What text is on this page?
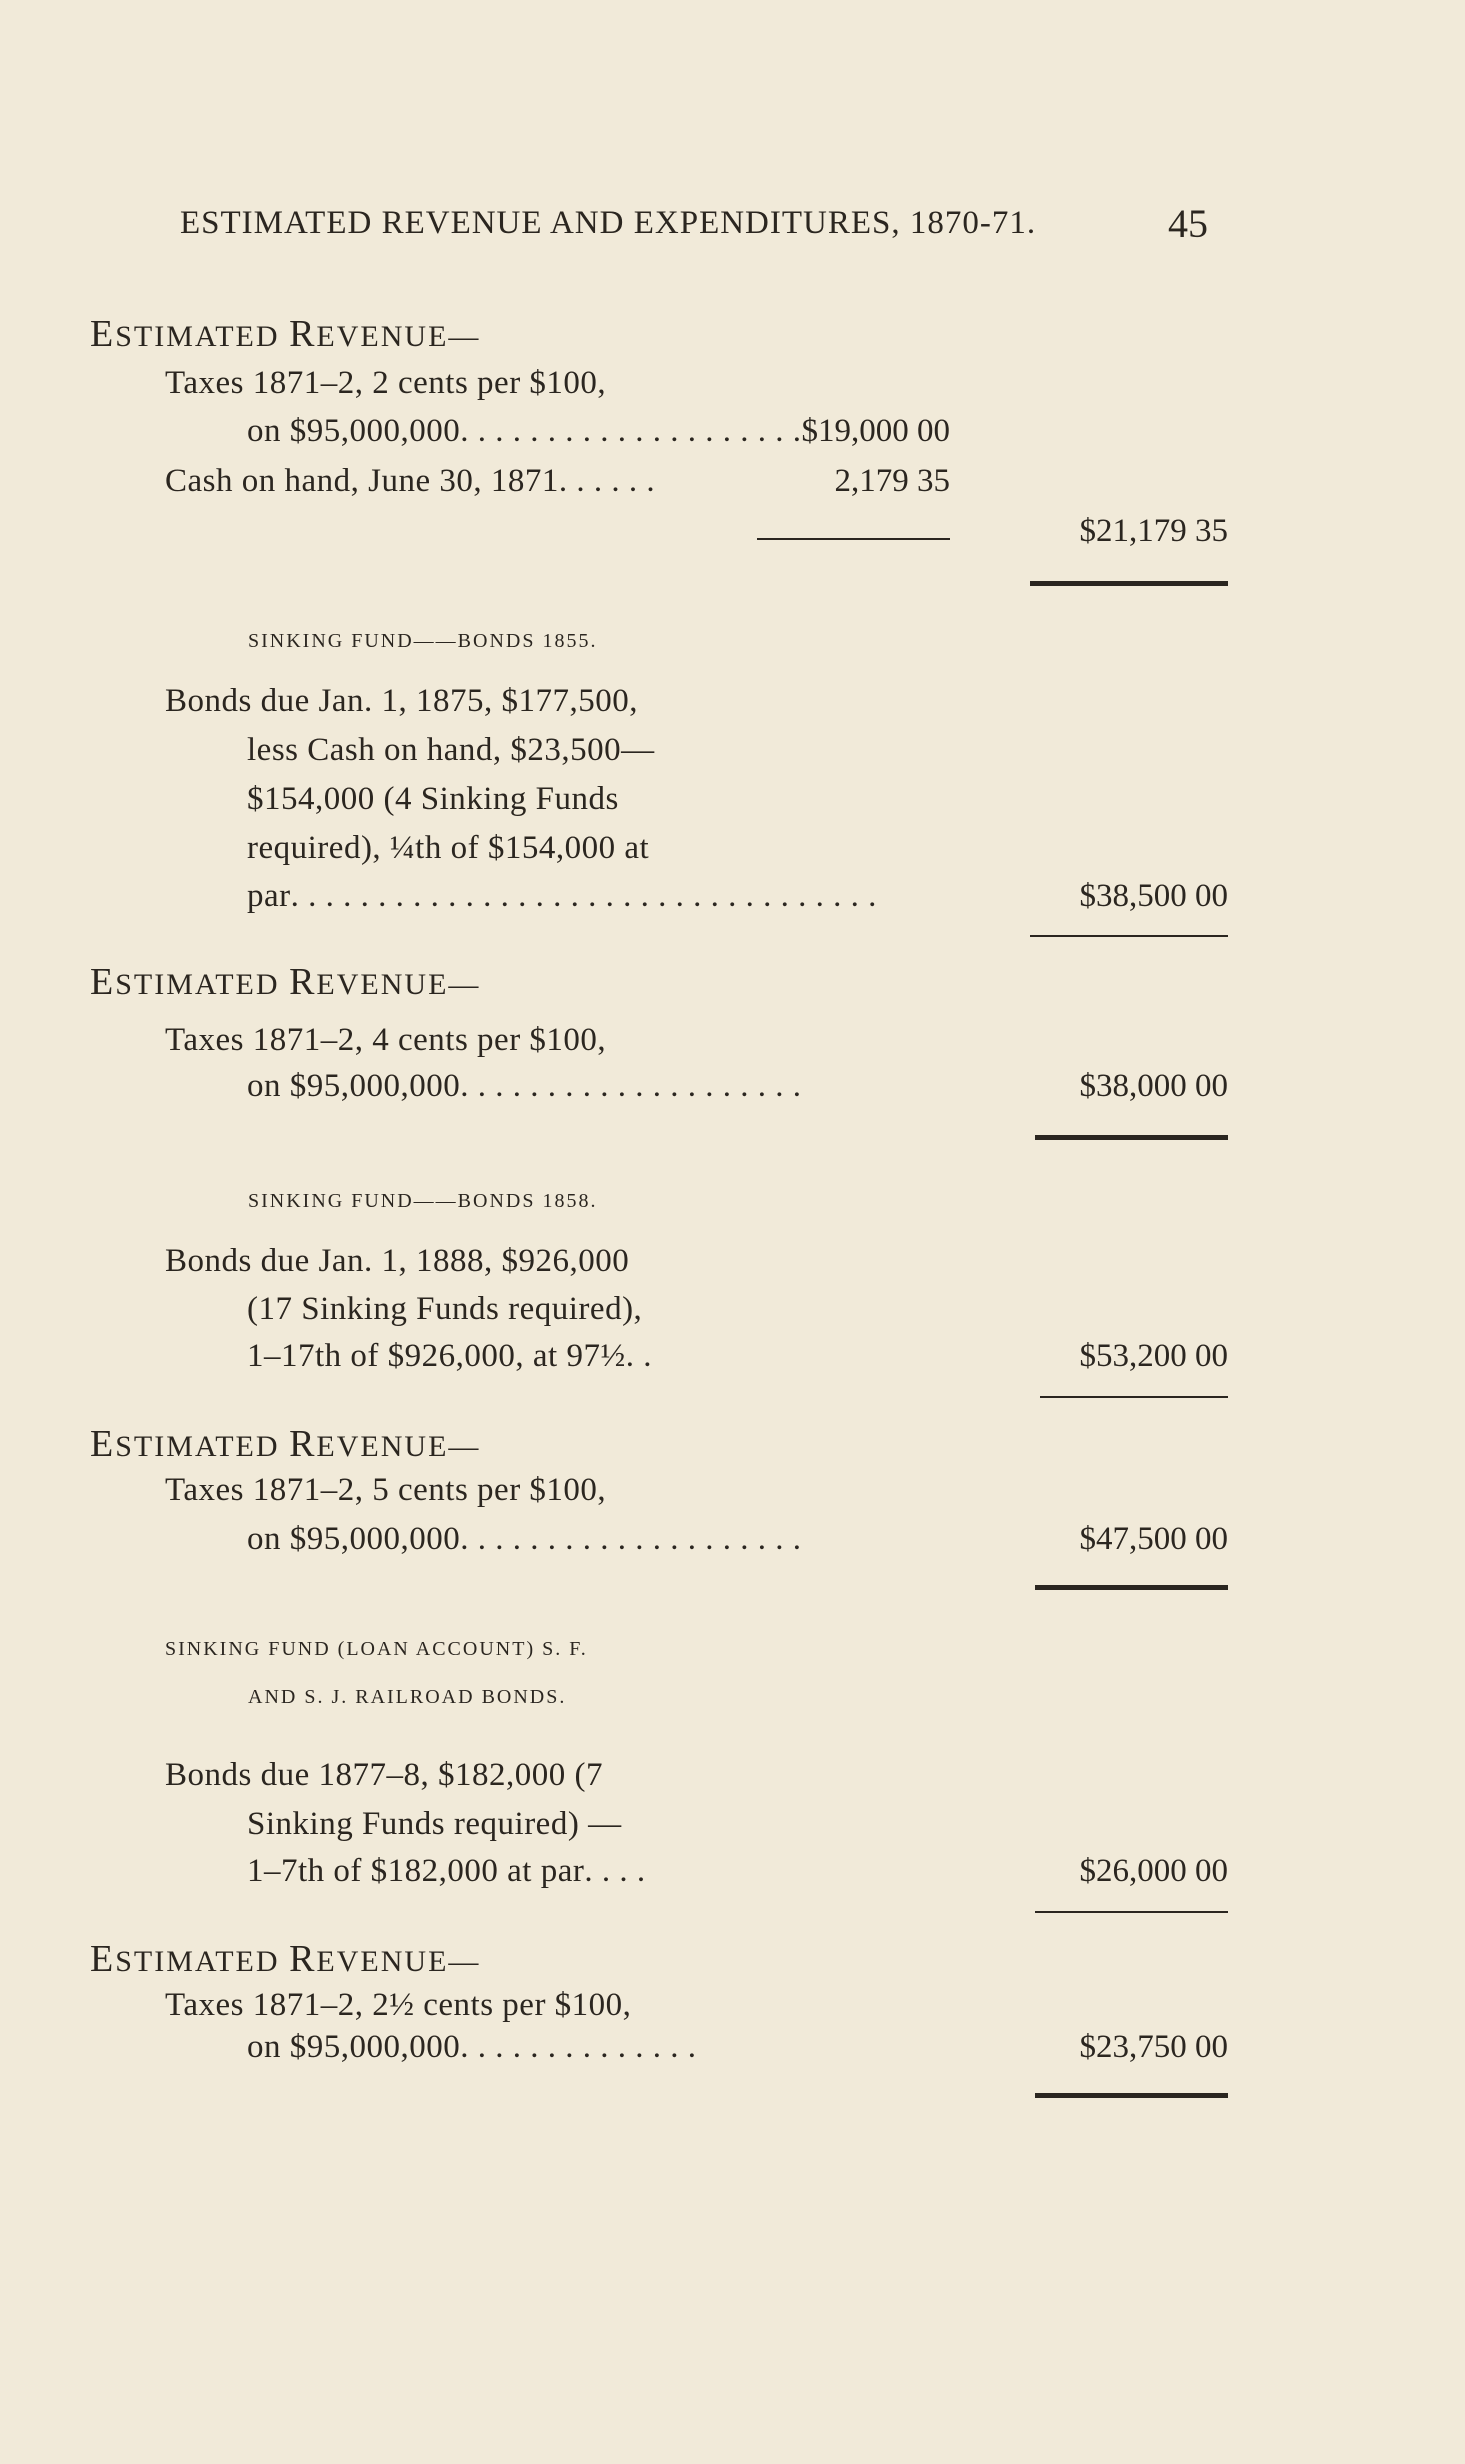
ESTIMATED REVENUE AND EXPENDITURES, 1870-71.	45
ESTIMATED REVENUE—
Taxes 1871–2, 2 cents per $100,
on $95,000,000. . . . . . . . . . . . . . . . . . . . $19,000 00
Cash on hand, June 30, 1871. . . . . .	2,179 35
$21,179 35
SINKING FUND——BONDS 1855.
Bonds due Jan. 1, 1875, $177,500,
less Cash on hand, $23,500—
$154,000 (4 Sinking Funds
required), ¼th of $154,000 at
par. . . . . . . . . . . . . . . . . . . . . . . . . . . . . . . . . .	$38,500 00
ESTIMATED REVENUE—
Taxes 1871–2, 4 cents per $100,
on $95,000,000. . . . . . . . . . . . . . . . . . . .	$38,000 00
SINKING FUND——BONDS 1858.
Bonds due Jan. 1, 1888, $926,000
(17 Sinking Funds required),
1–17th of $926,000, at 97½. .	$53,200 00
ESTIMATED REVENUE—
Taxes 1871–2, 5 cents per $100,
on $95,000,000. . . . . . . . . . . . . . . . . . . .	$47,500 00
SINKING FUND (LOAN ACCOUNT) S. F.
AND S. J. RAILROAD BONDS.
Bonds due 1877–8, $182,000 (7
Sinking Funds required) —
1–7th of $182,000 at par. . . .	$26,000 00
ESTIMATED REVENUE—
Taxes 1871–2, 2½ cents per $100,
on $95,000,000. . . . . . . . . . . . . .	$23,750 00
